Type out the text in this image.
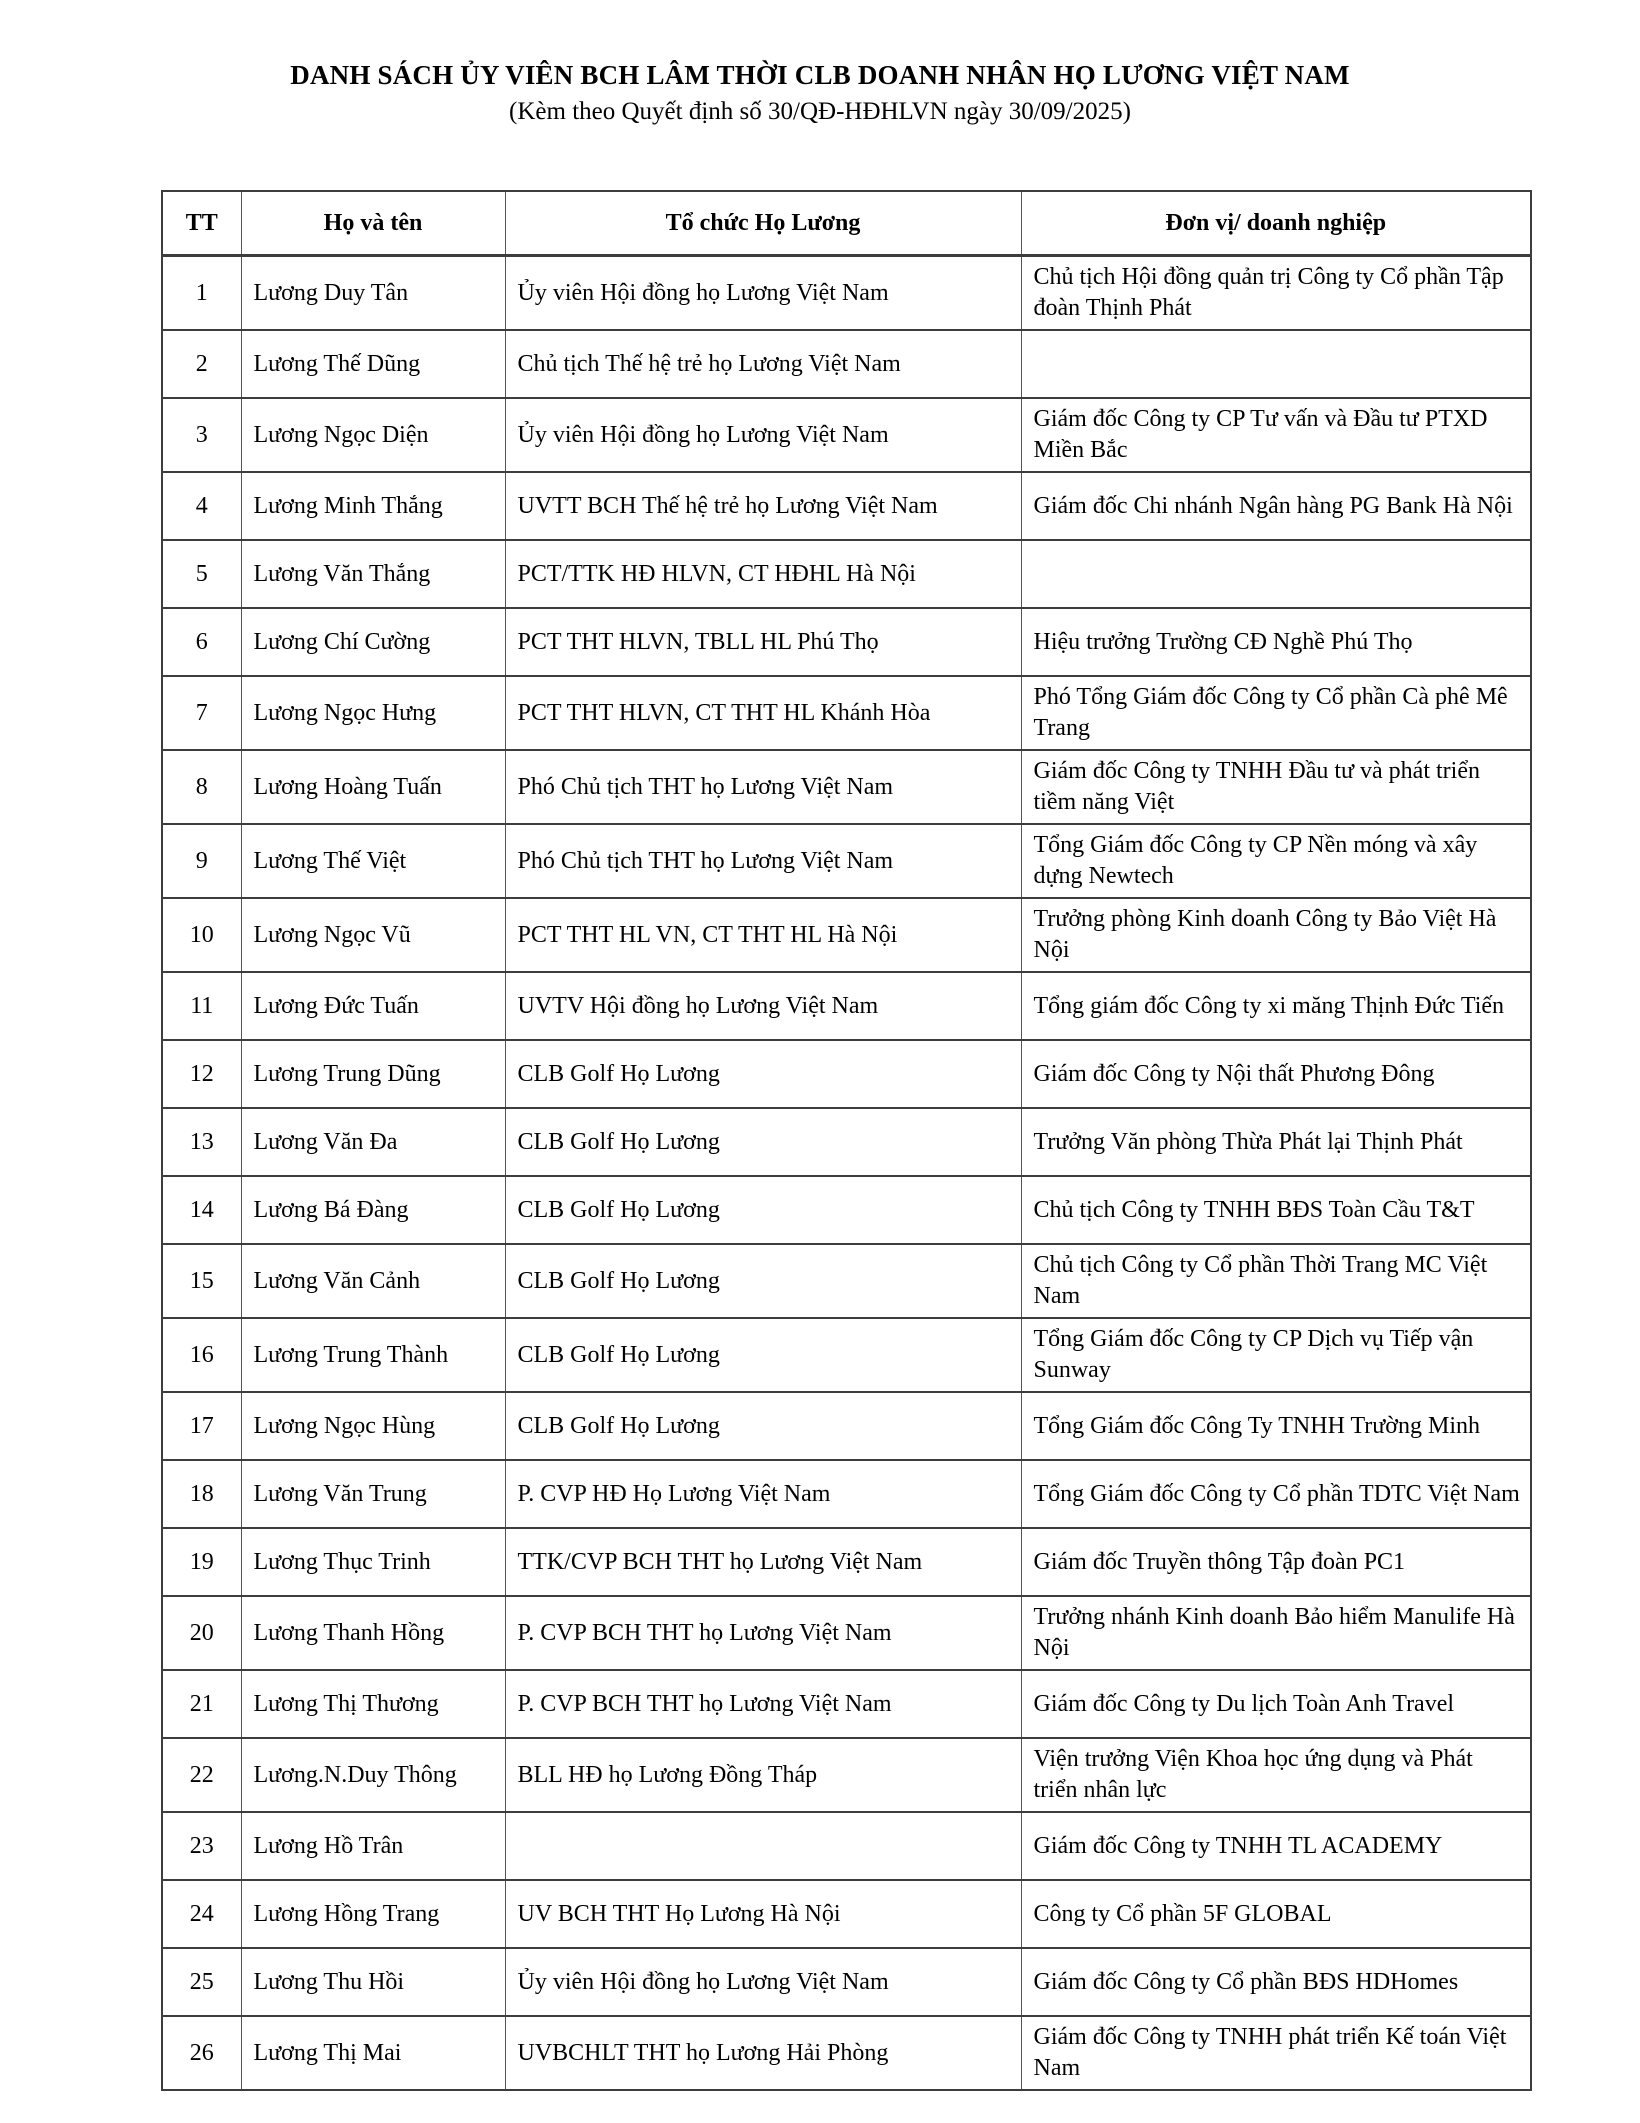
DANH SÁCH ỦY VIÊN BCH LÂM THỜI CLB DOANH NHÂN HỌ LƯƠNG VIỆT NAM
(Kèm theo Quyết định số 30/QĐ-HĐHLVN ngày 30/09/2025)
TT	Họ và tên	Tổ chức Họ Lương	Đơn vị/ doanh nghiệp
1	Lương Duy Tân	Ủy viên Hội đồng họ Lương Việt Nam	Chủ tịch Hội đồng quản trị Công ty Cổ phần Tập đoàn Thịnh Phát
2	Lương Thế Dũng	Chủ tịch Thế hệ trẻ họ Lương Việt Nam	
3	Lương Ngọc Diện	Ủy viên Hội đồng họ Lương Việt Nam	Giám đốc Công ty CP Tư vấn và Đầu tư PTXD Miền Bắc
4	Lương Minh Thắng	UVTT BCH Thế hệ trẻ họ Lương Việt Nam	Giám đốc Chi nhánh Ngân hàng PG Bank Hà Nội
5	Lương Văn Thắng	PCT/TTK HĐ HLVN, CT HĐHL Hà Nội	
6	Lương Chí Cường	PCT THT HLVN, TBLL HL Phú Thọ	Hiệu trưởng Trường CĐ Nghề Phú Thọ
7	Lương Ngọc Hưng	PCT THT HLVN, CT THT HL Khánh Hòa	Phó Tổng Giám đốc Công ty Cổ phần Cà phê Mê Trang
8	Lương Hoàng Tuấn	Phó Chủ tịch THT họ Lương Việt Nam	Giám đốc Công ty TNHH Đầu tư và phát triển tiềm năng Việt
9	Lương Thế Việt	Phó Chủ tịch THT họ Lương Việt Nam	Tổng Giám đốc Công ty CP Nền móng và xây dựng Newtech
10	Lương Ngọc Vũ	PCT THT HL VN, CT THT HL Hà Nội	Trưởng phòng Kinh doanh Công ty Bảo Việt Hà Nội
11	Lương Đức Tuấn	UVTV Hội đồng họ Lương Việt Nam	Tổng giám đốc Công ty xi măng Thịnh Đức Tiến
12	Lương Trung Dũng	CLB Golf Họ Lương	Giám đốc Công ty Nội thất Phương Đông
13	Lương Văn Đa	CLB Golf Họ Lương	Trưởng Văn phòng Thừa Phát lại Thịnh Phát
14	Lương Bá Đàng	CLB Golf Họ Lương	Chủ tịch Công ty TNHH BĐS Toàn Cầu T&T
15	Lương Văn Cảnh	CLB Golf Họ Lương	Chủ tịch Công ty Cổ phần Thời Trang MC Việt Nam
16	Lương Trung Thành	CLB Golf Họ Lương	Tổng Giám đốc Công ty CP Dịch vụ Tiếp vận Sunway
17	Lương Ngọc Hùng	CLB Golf Họ Lương	Tổng Giám đốc Công Ty TNHH Trường Minh
18	Lương Văn Trung	P. CVP HĐ Họ Lương Việt Nam	Tổng Giám đốc Công ty Cổ phần TDTC Việt Nam
19	Lương Thục Trinh	TTK/CVP BCH THT họ Lương Việt Nam	Giám đốc Truyền thông Tập đoàn PC1
20	Lương Thanh Hồng	P. CVP BCH THT họ Lương Việt Nam	Trưởng nhánh Kinh doanh Bảo hiểm Manulife Hà Nội
21	Lương Thị Thương	P. CVP BCH THT họ Lương Việt Nam	Giám đốc Công ty Du lịch Toàn Anh Travel
22	Lương.N.Duy Thông	BLL HĐ họ Lương Đồng Tháp	Viện trưởng Viện Khoa học ứng dụng và Phát triển nhân lực
23	Lương Hồ Trân		Giám đốc Công ty TNHH TL ACADEMY
24	Lương Hồng Trang	UV BCH THT Họ Lương Hà Nội	Công ty Cổ phần 5F GLOBAL
25	Lương Thu Hồi	Ủy viên Hội đồng họ Lương Việt Nam	Giám đốc Công ty Cổ phần BĐS HDHomes
26	Lương Thị Mai	UVBCHLT THT họ Lương Hải Phòng	Giám đốc Công ty TNHH phát triển Kế toán Việt Nam
